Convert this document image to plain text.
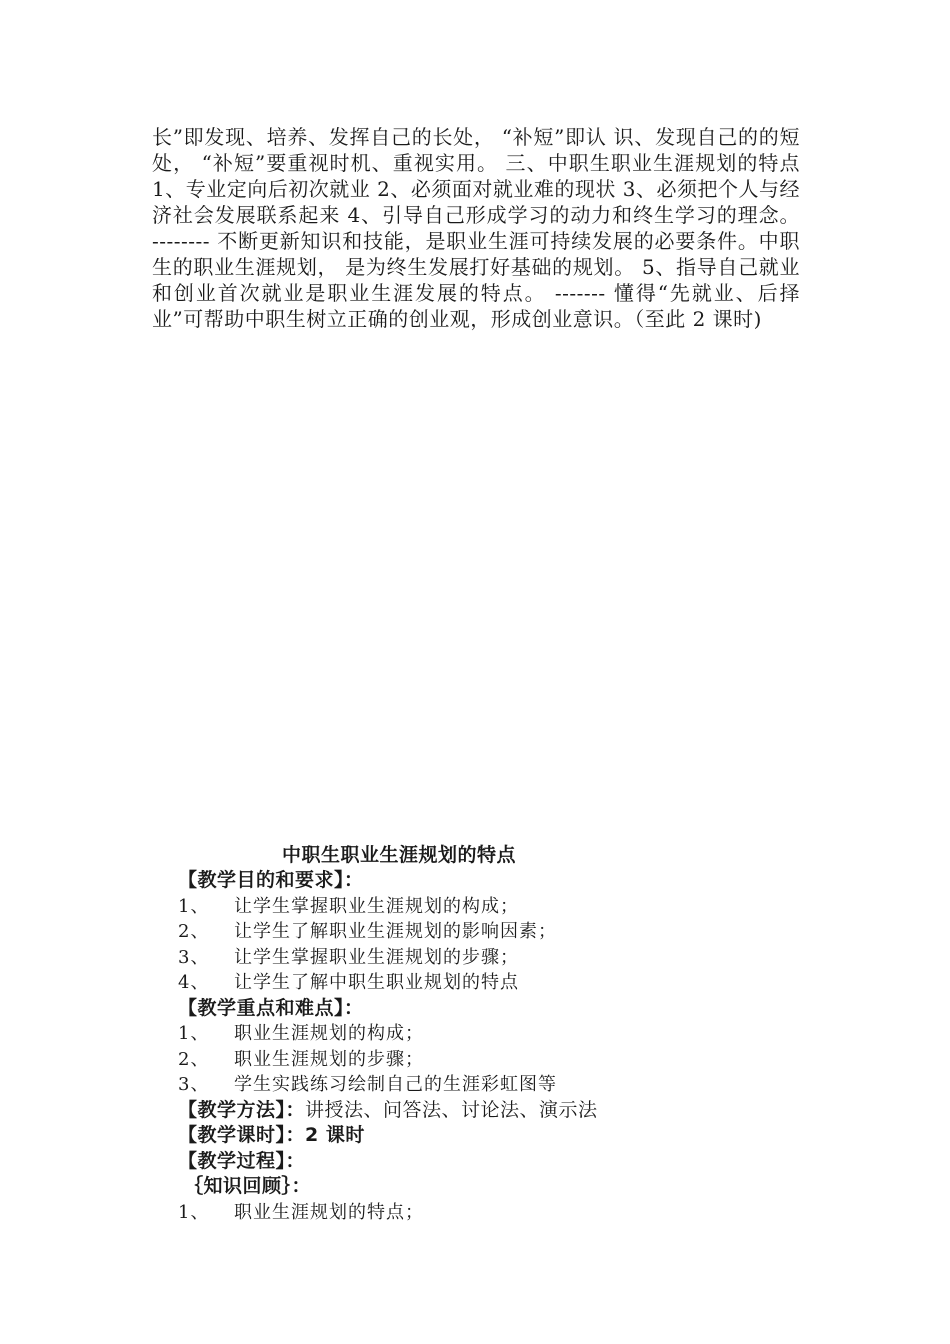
长”即发现、培养、发挥自己的长处， “补短”即认 识、发现自己的的短处， “补短”要重视时机、重视实用。 三、中职生职业生涯规划的特点 1、专业定向后初次就业 2、必须面对就业难的现状 3、必须把个人与经济社会发展联系起来 4、引导自己形成学习的动力和终生学习的理念。 -------- 不断更新知识和技能，是职业生涯可持续发展的必要条件。中职生的职业生涯规划， 是为终生发展打好基础的规划。 5、指导自己就业和创业首次就业是职业生涯发展的特点。 ------- 懂得“先就业、后择业”可帮助中职生树立正确的创业观，形成创业意识。（至此 2 课时)

中职生职业生涯规划的特点
【教学目的和要求】：
1、	让学生掌握职业生涯规划的构成；
2、	让学生了解职业生涯规划的影响因素；
3、	让学生掌握职业生涯规划的步骤；
4、	让学生了解中职生职业规划的特点
【教学重点和难点】：
1、	职业生涯规划的构成；
2、	职业生涯规划的步骤；
3、	学生实践练习绘制自己的生涯彩虹图等
【教学方法】：讲授法、问答法、讨论法、演示法
【教学课时】：2 课时
【教学过程】：
｛知识回顾｝：
1、	职业生涯规划的特点；
